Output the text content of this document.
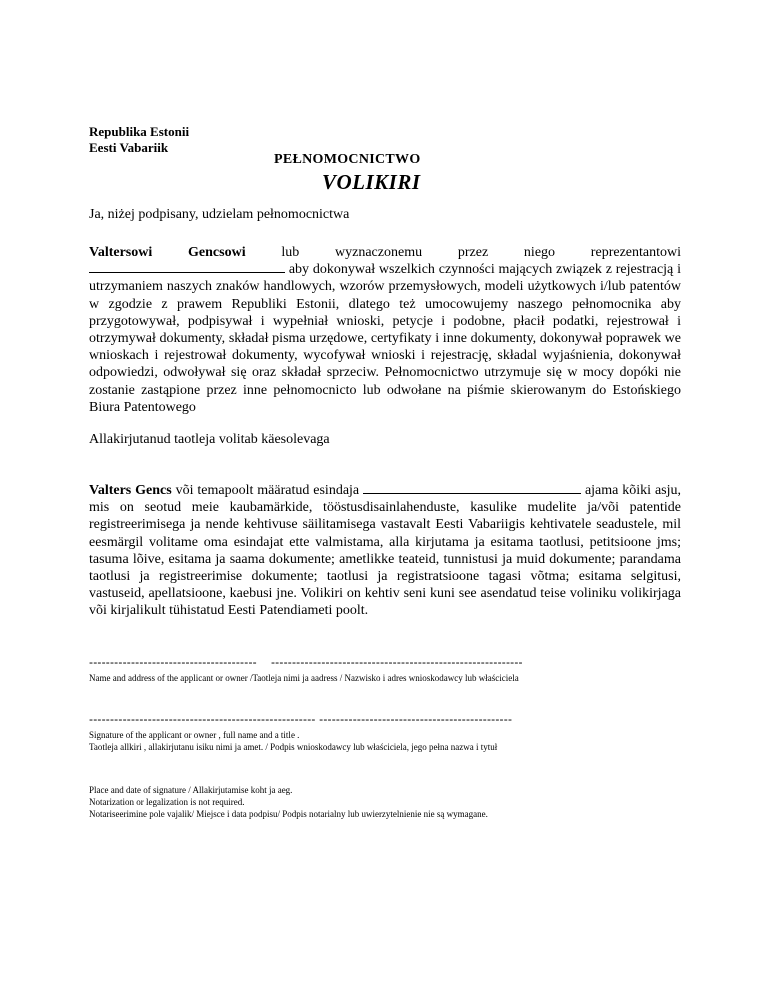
Republika Estonii
Eesti Vabariik
PEŁNOMOCNICTWO
VOLIKIRI
Ja, niżej podpisany, udzielam pełnomocnictwa
Valtersowi Gencsowi lub wyznaczonemu przez niego reprezentantowi  aby dokonywał wszelkich czynności mających związek z rejestracją i utrzymaniem naszych znaków handlowych, wzorów przemysłowych, modeli użytkowych i/lub patentów w zgodzie z prawem Republiki Estonii, dlatego też umocowujemy naszego pełnomocnika aby przygotowywał, podpisywał i wypełniał wnioski, petycje i podobne, płacił podatki, rejestrował i otrzymywał dokumenty, składał pisma urzędowe, certyfikaty i inne dokumenty, dokonywał poprawek we wnioskach i rejestrował dokumenty, wycofywał wnioski i rejestrację, składal wyjaśnienia, dokonywał odpowiedzi, odwoływał się oraz składał sprzeciw. Pełnomocnictwo utrzymuje się w mocy dopóki nie zostanie zastąpione przez inne pełnomocnicto lub odwołane na piśmie skierowanym do Estońskiego Biura Patentowego
Allakirjutanud taotleja volitab käesolevaga
Valters Gencs või temapoolt määratud esindaja	ajama kõiki asju, mis on seotud meie kaubamärkide, tööstusdisainlahenduste, kasulike mudelite ja/või patentide registreerimisega ja nende kehtivuse säilitamisega vastavalt Eesti Vabariigis kehtivatele seadustele, mil eesmärgil volitame oma esindajat ette valmistama, alla kirjutama ja esitama taotlusi, petitsioone jms; tasuma lõive, esitama ja saama dokumente; ametlikke teateid, tunnistusi ja muid dokumente; parandama taotlusi ja registreerimise dokumente; taotlusi ja registratsioone tagasi võtma; esitama selgitusi, vastuseid, apellatsioone, kaebusi jne. Volikiri on kehtiv seni kuni see asendatud teise voliniku volikirjaga või kirjalikult tühistatud Eesti Patendiameti poolt.
----------------------------------------    ------------------------------------------------------------
Name and address of the applicant or owner /Taotleja nimi ja aadress / Nazwisko i adres wnioskodawcy lub właściciela
------------------------------------------------------ ----------------------------------------------
Signature of the applicant or owner , full name and a title .
Taotleja allkiri , allakirjutanu isiku nimi ja amet. / Podpis wnioskodawcy lub właściciela, jego pełna nazwa i tytuł
Place and date of signature / Allakirjutamise koht ja aeg.
Notarization or legalization is not required.
Notariseerimine pole vajalik/ Miejsce i data podpisu/ Podpis notarialny lub uwierzytelnienie nie są wymagane.
